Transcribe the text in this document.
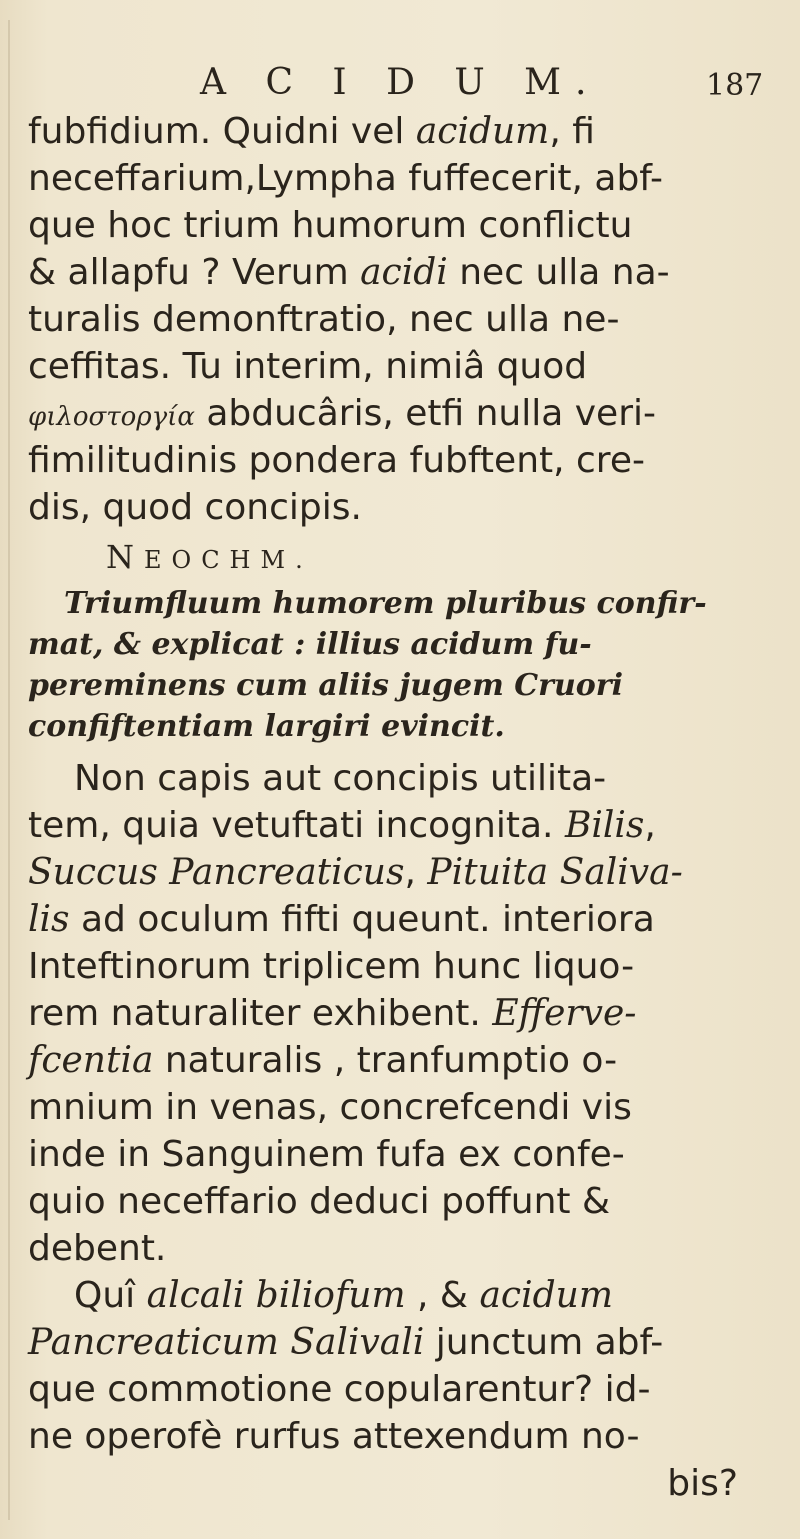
A C I D U M.	187
fubfidium. Quidni vel acidum, fi
neceffarium,Lympha fuffecerit, abf-
que hoc trium humorum conflictu
& allapfu ? Verum acidi nec ulla na-
turalis demonftratio, nec ulla ne-
ceffitas. Tu interim, nimiâ quod
φιλοστοργία abducâris, etfi nulla veri-
fimilitudinis pondera fubftent, cre-
dis, quod concipis.
NEOCHM.
Triumfluum humorem pluribus confir-
mat, & explicat : illius acidum fu-
pereminens cum aliis jugem Cruori
confiftentiam largiri evincit.
Non capis aut concipis utilita-
tem, quia vetuftati incognita. Bilis,
Succus Pancreaticus, Pituita Saliva-
lis ad oculum fifti queunt. interiora
Inteftinorum triplicem hunc liquo-
rem naturaliter exhibent. Efferve-
fcentia naturalis , tranfumptio o-
mnium in venas, concrefcendi vis
inde in Sanguinem fufa ex confe-
quio neceffario deduci poffunt &
debent.
Quî alcali biliofum , & acidum
Pancreaticum Salivali junctum abf-
que commotione copularentur? id-
ne operofè rurfus attexendum no-
bis?
